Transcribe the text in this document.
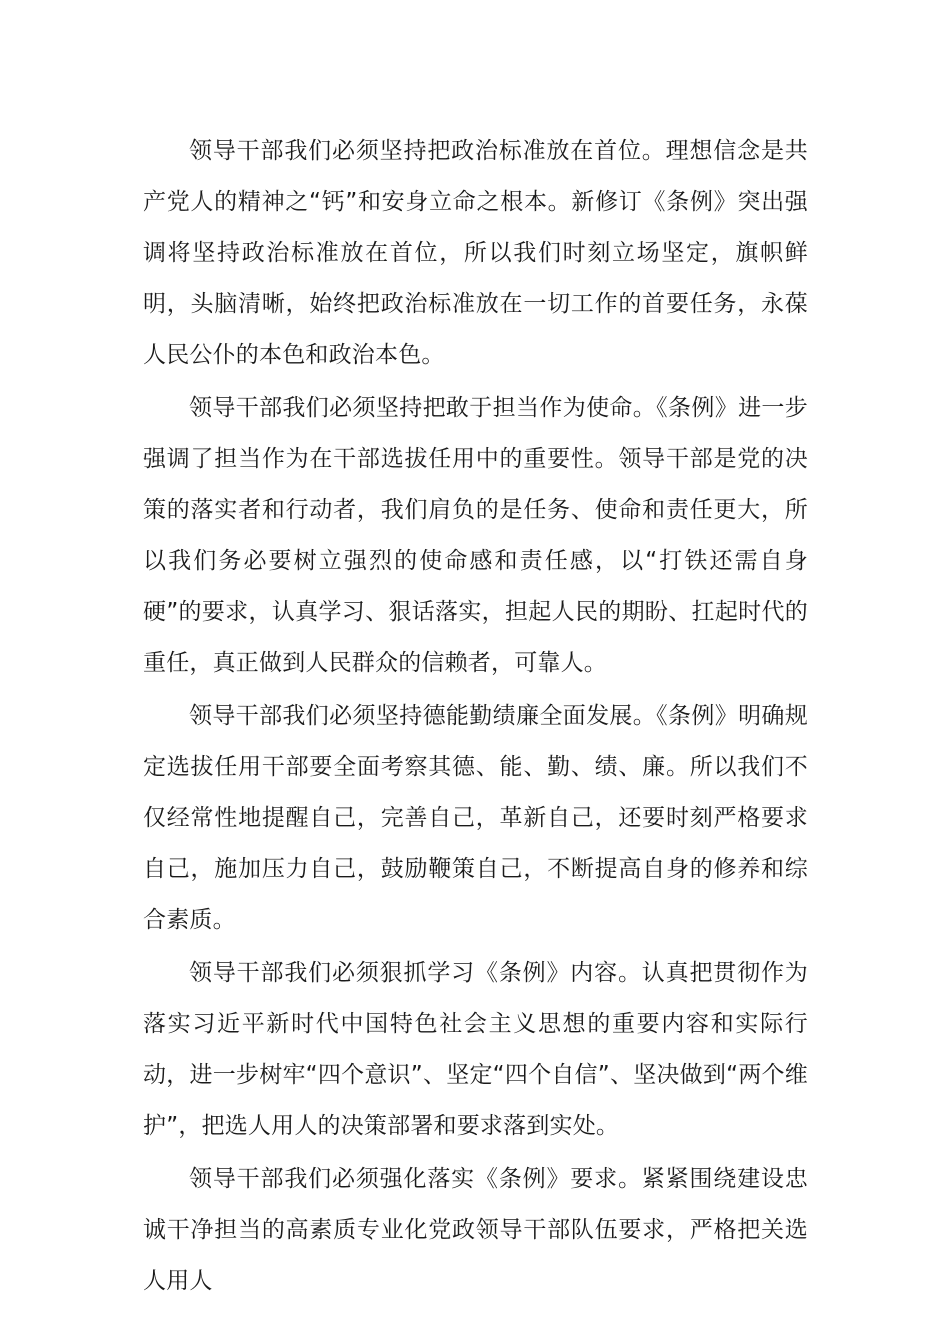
领导干部我们必须坚持把政治标准放在首位。理想信念是共产党人的精神之“钙”和安身立命之根本。新修订《条例》突出强调将坚持政治标准放在首位，所以我们时刻立场坚定，旗帜鲜明，头脑清晰，始终把政治标准放在一切工作的首要任务，永葆人民公仆的本色和政治本色。

领导干部我们必须坚持把敢于担当作为使命。《条例》进一步强调了担当作为在干部选拔任用中的重要性。领导干部是党的决策的落实者和行动者，我们肩负的是任务、使命和责任更大，所以我们务必要树立强烈的使命感和责任感，以“打铁还需自身硬”的要求，认真学习、狠话落实，担起人民的期盼、扛起时代的重任，真正做到人民群众的信赖者，可靠人。

领导干部我们必须坚持德能勤绩廉全面发展。《条例》明确规定选拔任用干部要全面考察其德、能、勤、绩、廉。所以我们不仅经常性地提醒自己，完善自己，革新自己，还要时刻严格要求自己，施加压力自己，鼓励鞭策自己，不断提高自身的修养和综合素质。

领导干部我们必须狠抓学习《条例》内容。认真把贯彻作为落实习近平新时代中国特色社会主义思想的重要内容和实际行动，进一步树牢“四个意识”、坚定“四个自信”、坚决做到“两个维护”，把选人用人的决策部署和要求落到实处。

领导干部我们必须强化落实《条例》要求。紧紧围绕建设忠诚干净担当的高素质专业化党政领导干部队伍要求，严格把关选人用人
